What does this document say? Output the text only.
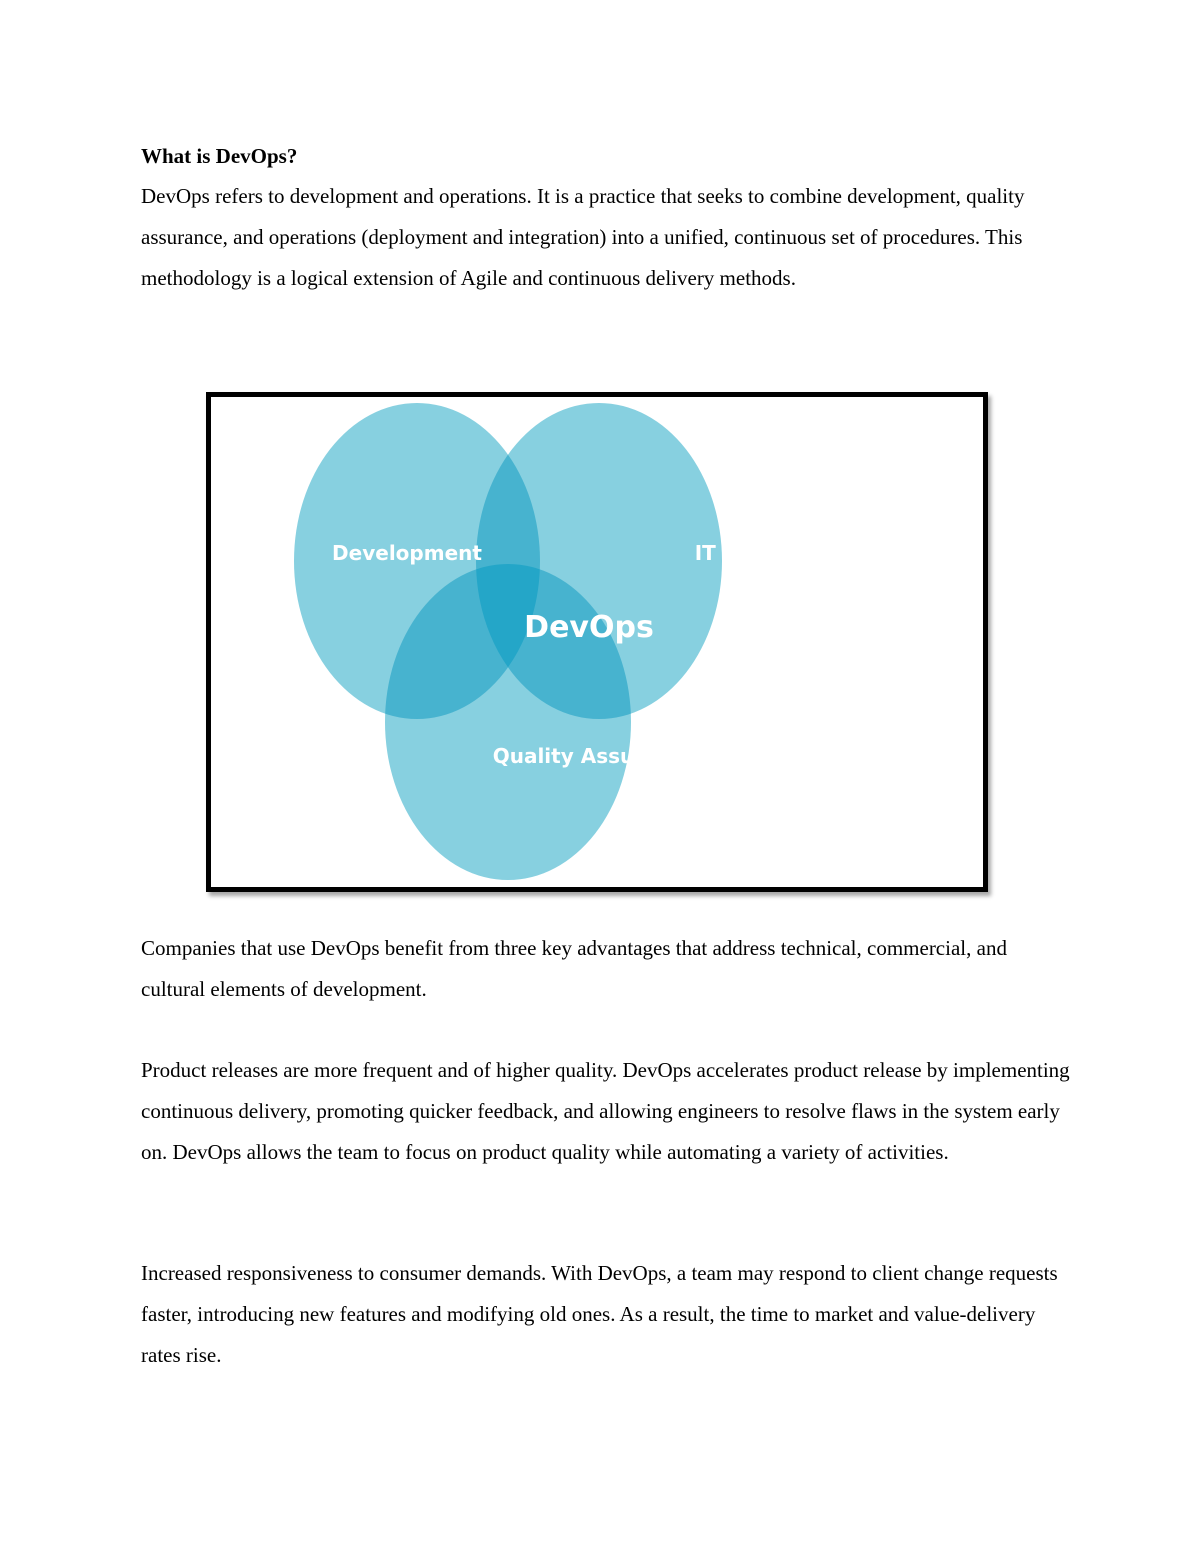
What is DevOps?

DevOps refers to development and operations. It is a practice that seeks to combine development, quality assurance, and operations (deployment and integration) into a unified, continuous set of procedures. This methodology is a logical extension of Agile and continuous delivery methods.

Development	IT Operations
DevOps
Quality Assurance

Companies that use DevOps benefit from three key advantages that address technical, commercial, and cultural elements of development.

Product releases are more frequent and of higher quality. DevOps accelerates product release by implementing continuous delivery, promoting quicker feedback, and allowing engineers to resolve flaws in the system early on. DevOps allows the team to focus on product quality while automating a variety of activities.

Increased responsiveness to consumer demands. With DevOps, a team may respond to client change requests faster, introducing new features and modifying old ones. As a result, the time to market and value-delivery rates rise.
